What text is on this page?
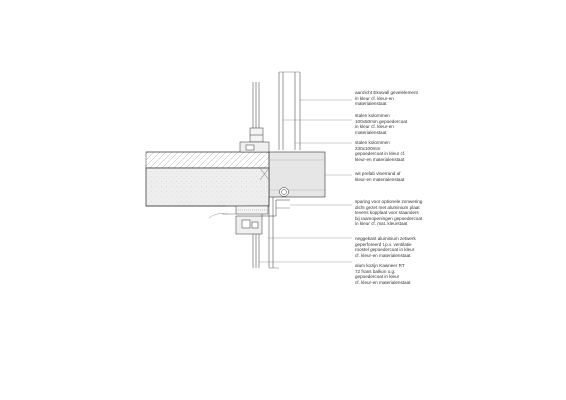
aanzicht Ekowall gevelelement
in kleur cf. kleur-en
materialenstaat
stalen kolommen
100x50mm gepoedercoat
in kleur cf. kleur-en
materialenstaat
stalen kolommen
230x100mm
gepoedercoat in kleur cf.
kleur-en materialenstaat
wit prefab vloerrand af
kleur-en materialenstaat
sparing voor optionele zonwering
dicht gezet met aluminium plaat
tevens kopplaat voor staanders
bij raamopeningen gepoedercoat
in kleur cf. mat. kleurstaat
neggekant aluminium zetwerk
geperforeerd t.p.v. ventilatie
roostel gepoedercoat in kleur
cf. kleur-en materialenstaat
alum kozijn Kawneer RT
72 frans balkon o.g.
gepoedercoat in kleur
cf. kleur-en materialenstaat
